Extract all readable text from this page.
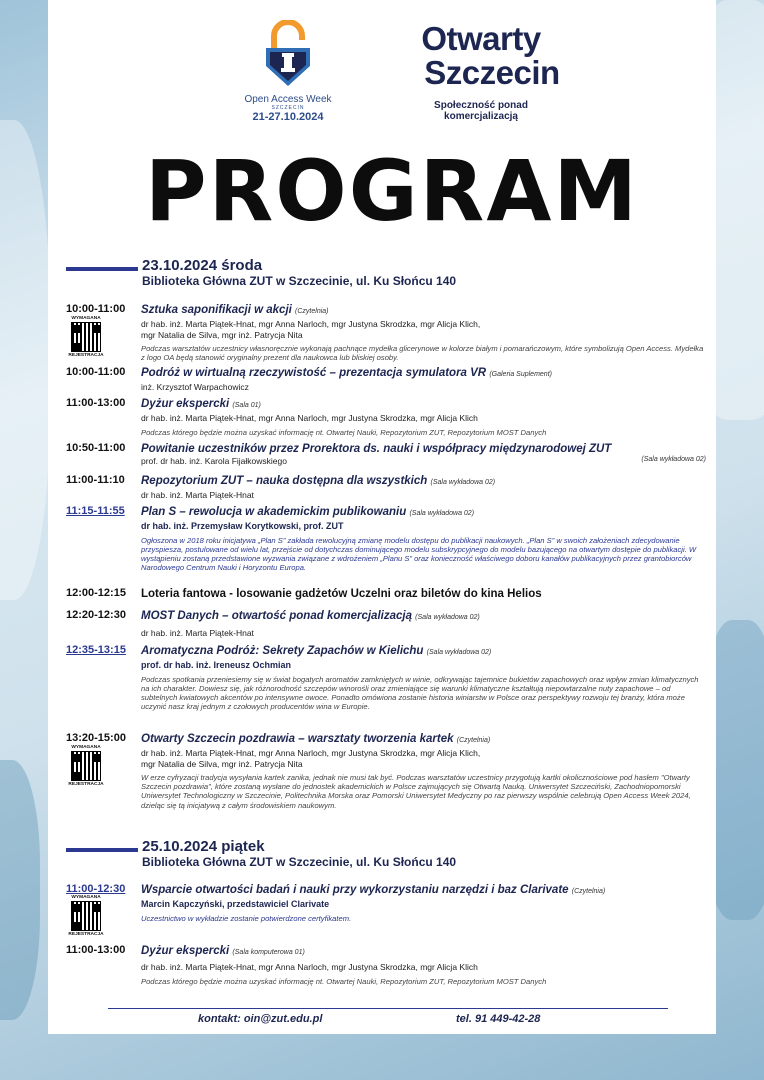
Open Access Week
SZCZECIN
21-27.10.2024
Otwarty
Szczecin
Społeczność ponad komercjalizacją
PROGRAM
23.10.2024 środa
Biblioteka Główna ZUT w Szczecinie, ul. Ku Słońcu 140
10:00-11:00	Sztuka saponifikacji w akcji (Czytelnia)
dr hab. inż. Marta Piątek-Hnat, mgr Anna Narloch, mgr Justyna Skrodzka, mgr Alicja Klich,
mgr Natalia de Silva, mgr inż. Patrycja Nita
Podczas warsztatów uczestnicy własnoręcznie wykonają pachnące mydełka glicerynowe w kolorze białym i pomarańczowym, które symbolizują Open Access. Mydełka z logo OA będą stanowić oryginalny prezent dla naukowca lub bliskiej osoby.
WYMAGANA
REJESTRACJA
10:00-11:00	Podróż w wirtualną rzeczywistość – prezentacja symulatora VR (Galeria Suplement)
inż. Krzysztof Warpachowicz
11:00-13:00	Dyżur ekspercki (Sala 01)
dr hab. inż. Marta Piątek-Hnat, mgr Anna Narloch, mgr Justyna Skrodzka, mgr Alicja Klich
Podczas którego będzie można uzyskać informację nt. Otwartej Nauki, Repozytorium ZUT, Repozytorium MOST Danych
10:50-11:00	Powitanie uczestników przez Prorektora ds. nauki i współpracy międzynarodowej ZUT
prof. dr hab. inż. Karola Fijałkowskiego	(Sala wykładowa 02)
11:00-11:10	Repozytorium ZUT – nauka dostępna dla wszystkich (Sala wykładowa 02)
dr hab. inż. Marta Piątek-Hnat
11:15-11:55	Plan S – rewolucja w akademickim publikowaniu (Sala wykładowa 02)
dr hab. inż. Przemysław Korytkowski, prof. ZUT
Ogłoszona w 2018 roku inicjatywa „Plan S” zakłada rewolucyjną zmianę modelu dostępu do publikacji naukowych. „Plan S” w swoich założeniach zdecydowanie przyspiesza, postulowane od wielu lat, przejście od dotychczas dominującego modelu subskrypcyjnego do modelu bazującego na otwartym dostępie do publikacji. W wystąpieniu zostaną przedstawione wyzwania związane z wdrożeniem „Planu S” oraz konieczność właściwego doboru kanałów publikacyjnych przez grantobiorców Narodowego Centrum Nauki i Horyzontu Europa.
12:00-12:15	Loteria fantowa - losowanie gadżetów Uczelni oraz biletów do kina Helios
12:20-12:30	MOST Danych – otwartość ponad komercjalizacją (Sala wykładowa 02)
dr hab. inż. Marta Piątek-Hnat
12:35-13:15	Aromatyczna Podróż: Sekrety Zapachów w Kielichu (Sala wykładowa 02)
prof. dr hab. inż. Ireneusz Ochmian
Podczas spotkania przeniesiemy się w świat bogatych aromatów zamkniętych w winie, odkrywając tajemnice bukietów zapachowych oraz wpływ zmian klimatycznych na ich charakter. Dowiesz się, jak różnorodność szczepów winorośli oraz zmieniające się warunki klimatyczne kształtują niepowtarzalne nuty zapachowe – od subtelnych kwiatowych akcentów po intensywne owoce. Ponadto omówiona zostanie historia winiarstw w Polsce oraz perspektywy rozwoju tej branży, która może uczynić nasz kraj jednym z czołowych producentów wina w Europie.
13:20-15:00	Otwarty Szczecin pozdrawia – warsztaty tworzenia kartek (Czytelnia)
dr hab. inż. Marta Piątek-Hnat, mgr Anna Narloch, mgr Justyna Skrodzka, mgr Alicja Klich,
mgr Natalia de Silva, mgr inż. Patrycja Nita
W erze cyfryzacji tradycja wysyłania kartek zanika, jednak nie musi tak być. Podczas warsztatów uczestnicy przygotują kartki okolicznościowe pod hasłem "Otwarty Szczecin pozdrawia", które zostaną wysłane do jednostek akademickich w Polsce zajmujących się Otwartą Nauką. Uniwersytet Szczeciński, Zachodniopomorski Uniwersytet Technologiczny w Szczecinie, Politechnika Morska oraz Pomorski Uniwersytet Medyczny po raz pierwszy wspólnie celebrują Open Access Week 2024, dzieląc się tą inicjatywą z całym środowiskiem naukowym.
WYMAGANA
REJESTRACJA
25.10.2024 piątek
Biblioteka Główna ZUT w Szczecinie, ul. Ku Słońcu 140
11:00-12:30	Wsparcie otwartości badań i nauki przy wykorzystaniu narzędzi i baz Clarivate (Czytelnia)
Marcin Kapczyński, przedstawiciel Clarivate
Uczestnictwo w wykładzie zostanie potwierdzone certyfikatem.
WYMAGANA
REJESTRACJA
11:00-13:00	Dyżur ekspercki (Sala komputerowa 01)
dr hab. inż. Marta Piątek-Hnat, mgr Anna Narloch, mgr Justyna Skrodzka, mgr Alicja Klich
Podczas którego będzie można uzyskać informację nt. Otwartej Nauki, Repozytorium ZUT, Repozytorium MOST Danych
kontakt: oin@zut.edu.pl	tel. 91 449-42-28
